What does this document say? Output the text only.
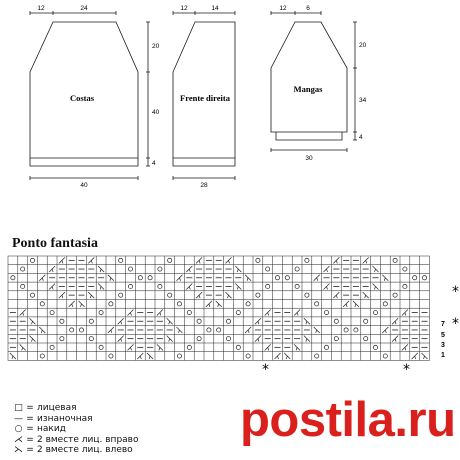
Costas	Frente direita
Mangas
12	24
20
40
4
40
12	14
28
12	6
20
34
4
30
Ponto fantasia
7
5
3
1
*
*
*	*
□ = лицевая
— = изнаночная
○ = накид
⋌ = 2 вместе лиц. вправо
⋋ = 2 вместе лиц. влево
postila.ru
